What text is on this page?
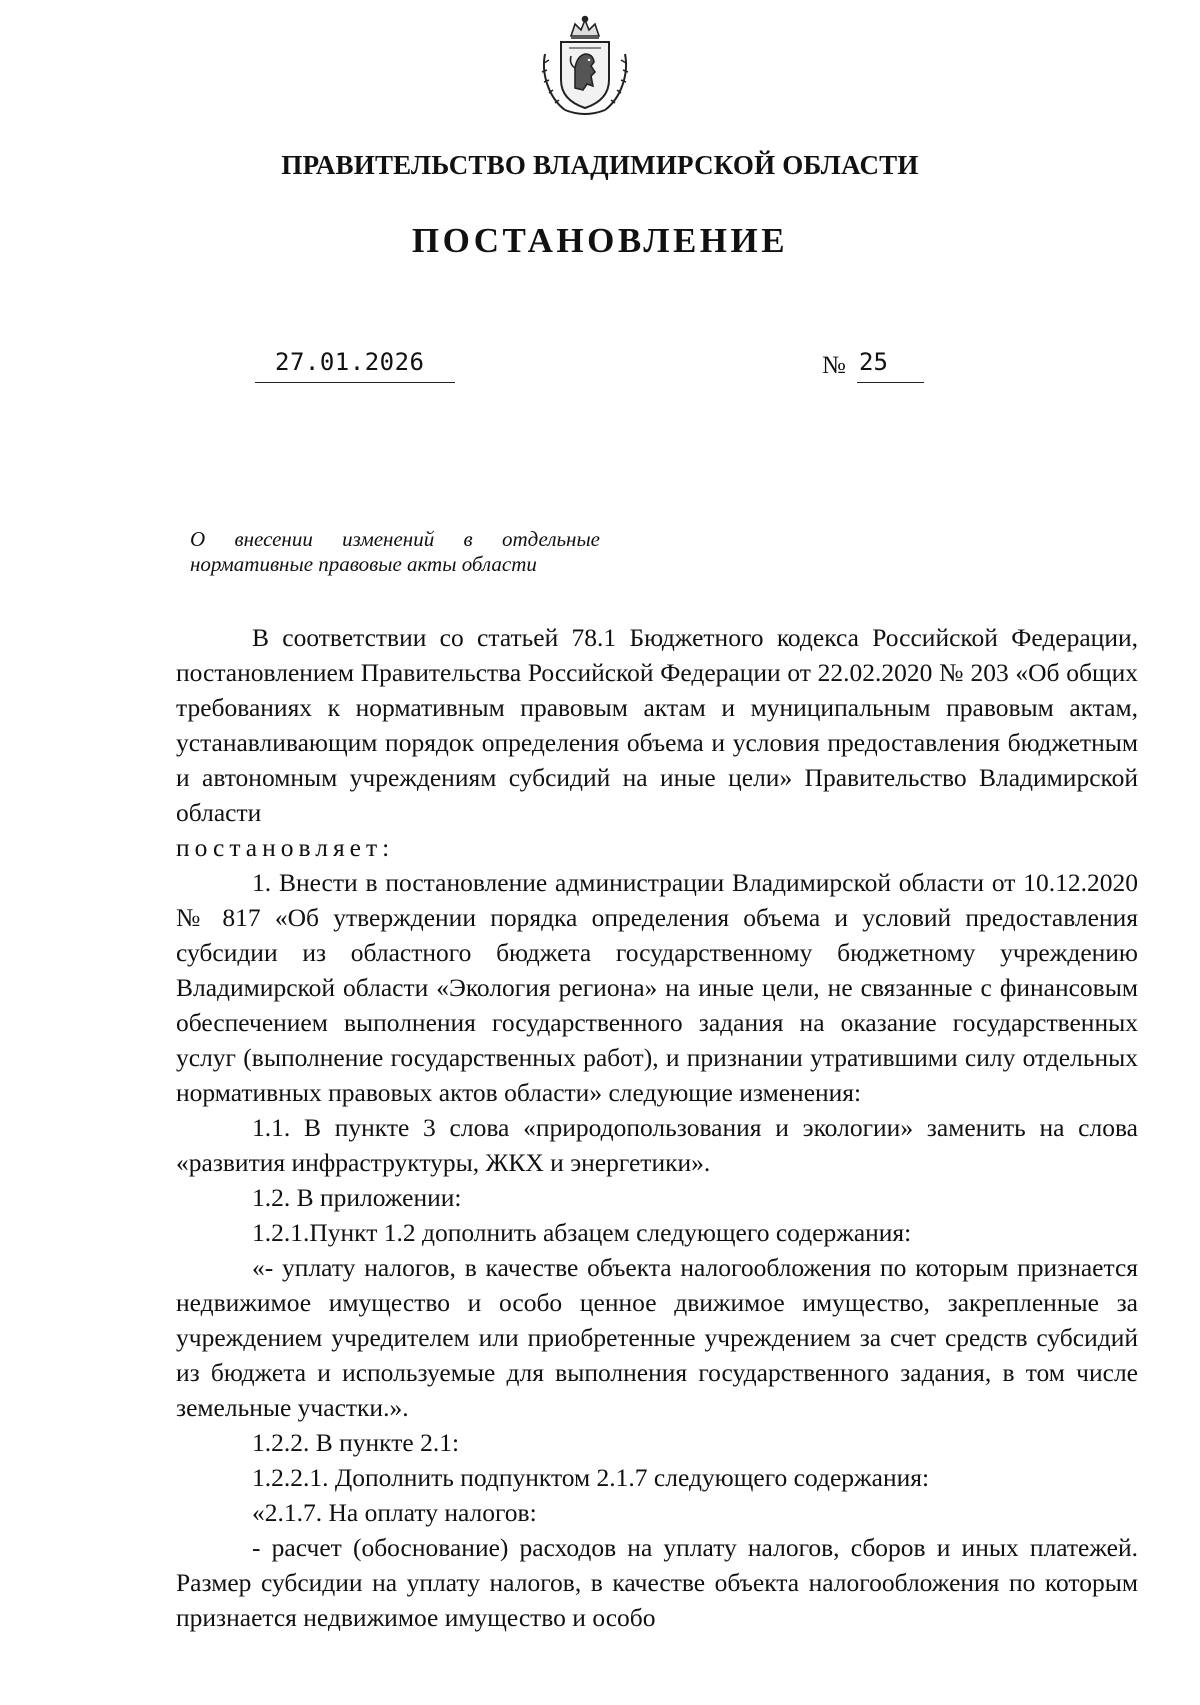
ПРАВИТЕЛЬСТВО ВЛАДИМИРСКОЙ ОБЛАСТИ
ПОСТАНОВЛЕНИЕ
27.01.2026	№ 25
О внесении изменений в отдельные
нормативные правовые акты области

В соответствии со статьей 78.1 Бюджетного кодекса Российской Федерации, постановлением Правительства Российской Федерации от 22.02.2020 № 203 «Об общих требованиях к нормативным правовым актам и муниципальным правовым актам, устанавливающим порядок определения объема и условия предоставления бюджетным и автономным учреждениям субсидий на иные цели» Правительство Владимирской области

постановляет:

1. Внести в постановление администрации Владимирской области от 10.12.2020 № 817 «Об утверждении порядка определения объема и условий предоставления субсидии из областного бюджета государственному бюджетному учреждению Владимирской области «Экология региона» на иные цели, не связанные с финансовым обеспечением выполнения государственного задания на оказание государственных услуг (выполнение государственных работ), и признании утратившими силу отдельных нормативных правовых актов области» следующие изменения:

1.1. В пункте 3 слова «природопользования и экологии» заменить на слова «развития инфраструктуры, ЖКХ и энергетики».

1.2. В приложении:

1.2.1.Пункт 1.2 дополнить абзацем следующего содержания:

«- уплату налогов, в качестве объекта налогообложения по которым признается недвижимое имущество и особо ценное движимое имущество, закрепленные за учреждением учредителем или приобретенные учреждением за счет средств субсидий из бюджета и используемые для выполнения государственного задания, в том числе земельные участки.».

1.2.2. В пункте 2.1:

1.2.2.1. Дополнить подпунктом 2.1.7 следующего содержания:

«2.1.7. На оплату налогов:

- расчет (обоснование) расходов на уплату налогов, сборов и иных платежей. Размер субсидии на уплату налогов, в качестве объекта налогообложения по которым признается недвижимое имущество и особо
